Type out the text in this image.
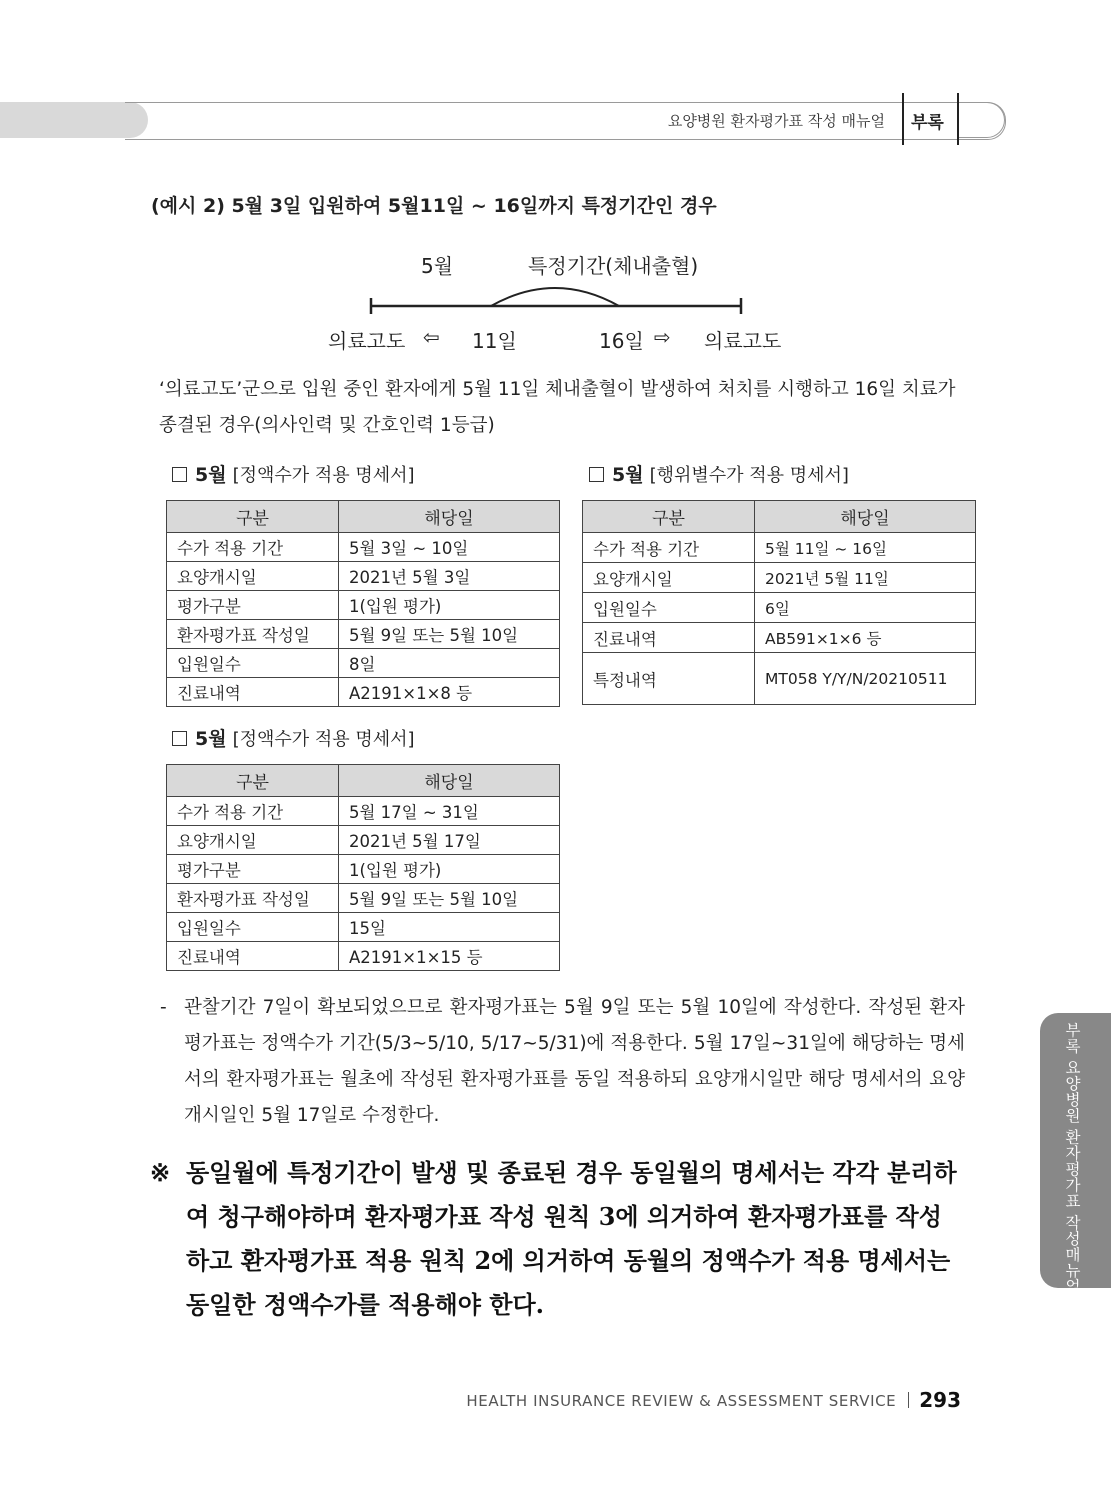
요양병원 환자평가표 작성 매뉴얼 부록
(예시 2) 5월 3일 입원하여 5월11일 ~ 16일까지 특정기간인 경우
5월	특정기간(체내출혈)
의료고도 ⇦ 11일	16일 ⇨ 의료고도
‘의료고도’군으로 입원 중인 환자에게 5월 11일 체내출혈이 발생하여 처치를 시행하고 16일 치료가
종결된 경우(의사인력 및 간호인력 1등급)
5월 [정액수가 적용 명세서]
구분	해당일
수가 적용 기간	5월 3일 ~ 10일
요양개시일	2021년 5월 3일
평가구분	1(입원 평가)
환자평가표 작성일	5월 9일 또는 5월 10일
입원일수	8일
진료내역	A2191×1×8 등
5월 [행위별수가 적용 명세서]
구분	해당일
수가 적용 기간	5월 11일 ~ 16일
요양개시일	2021년 5월 11일
입원일수	6일
진료내역	AB591×1×6 등
특정내역	MT058 Y/Y/N/20210511
5월 [정액수가 적용 명세서]
구분	해당일
수가 적용 기간	5월 17일 ~ 31일
요양개시일	2021년 5월 17일
평가구분	1(입원 평가)
환자평가표 작성일	5월 9일 또는 5월 10일
입원일수	15일
진료내역	A2191×1×15 등
- 관찰기간 7일이 확보되었으므로 환자평가표는 5월 9일 또는 5월 10일에 작성한다. 작성된 환자평가표는 정액수가 기간(5/3~5/10, 5/17~5/31)에 적용한다. 5월 17일~31일에 해당하는 명세서의 환자평가표는 월초에 작성된 환자평가표를 동일 적용하되 요양개시일만 해당 명세서의 요양개시일인 5월 17일로 수정한다.
※ 동일월에 특정기간이 발생 및 종료된 경우 동일월의 명세서는 각각 분리하여 청구해야하며 환자평가표 작성 원칙 3에 의거하여 환자평가표를 작성하고 환자평가표 적용 원칙 2에 의거하여 동월의 정액수가 적용 명세서는 동일한 정액수가를 적용해야 한다.
부록 요양병원 환자평가표 작성매뉴얼
HEALTH INSURANCE REVIEW & ASSESSMENT SERVICE 293
